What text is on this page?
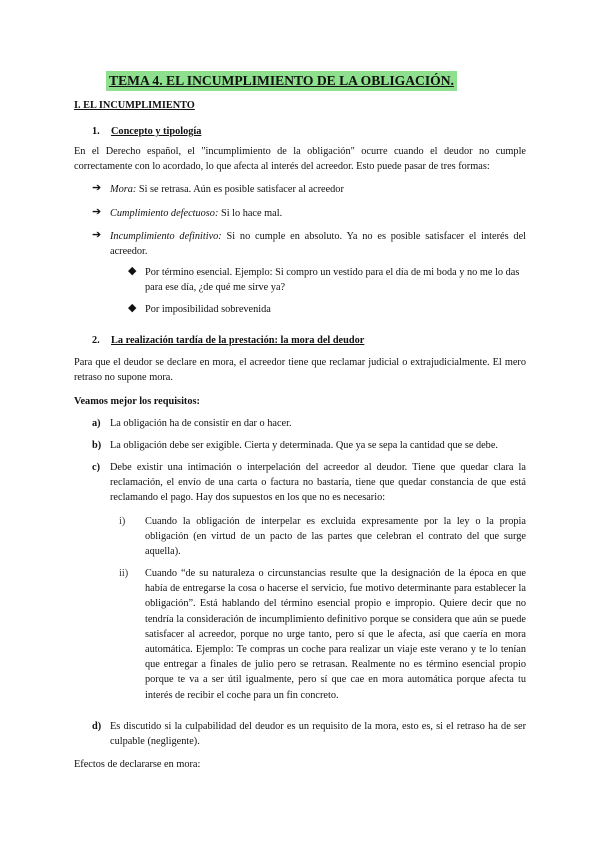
TEMA 4. EL INCUMPLIMIENTO DE LA OBLIGACIÓN.
I. EL INCUMPLIMIENTO
1. Concepto y tipología
En el Derecho español, el "incumplimiento de la obligación" ocurre cuando el deudor no cumple correctamente con lo acordado, lo que afecta al interés del acreedor. Esto puede pasar de tres formas:
➔ Mora: Si se retrasa. Aún es posible satisfacer al acreedor
➔ Cumplimiento defectuoso: Si lo hace mal.
➔ Incumplimiento definitivo: Si no cumple en absoluto. Ya no es posible satisfacer el interés del acreedor.
◆ Por término esencial. Ejemplo: Si compro un vestido para el día de mi boda y no me lo das para ese día, ¿de qué me sirve ya?
◆ Por imposibilidad sobrevenida
2. La realización tardía de la prestación: la mora del deudor
Para que el deudor se declare en mora, el acreedor tiene que reclamar judicial o extrajudicialmente. El mero retraso no supone mora.
Veamos mejor los requisitos:
a) La obligación ha de consistir en dar o hacer.
b) La obligación debe ser exigible. Cierta y determinada. Que ya se sepa la cantidad que se debe.
c) Debe existir una intimación o interpelación del acreedor al deudor. Tiene que quedar clara la reclamación, el envío de una carta o factura no bastaría, tiene que quedar constancia de que está reclamando el pago. Hay dos supuestos en los que no es necesario:
i) Cuando la obligación de interpelar es excluida expresamente por la ley o la propia obligación (en virtud de un pacto de las partes que celebran el contrato del que surge aquella).
ii) Cuando “de su naturaleza o circunstancias resulte que la designación de la época en que había de entregarse la cosa o hacerse el servicio, fue motivo determinante para establecer la obligación”. Está hablando del término esencial propio e impropio. Quiere decir que no tendría la consideración de incumplimiento definitivo porque se considera que aún se puede satisfacer al acreedor, porque no urge tanto, pero sí que le afecta, así que caería en mora automática. Ejemplo: Te compras un coche para realizar un viaje este verano y te lo tenían que entregar a finales de julio pero se retrasan. Realmente no es término esencial propio porque te va a ser útil igualmente, pero sí que cae en mora automática porque afecta tu interés de recibir el coche para un fin concreto.
d) Es discutido si la culpabilidad del deudor es un requisito de la mora, esto es, si el retraso ha de ser culpable (negligente).
Efectos de declararse en mora:
